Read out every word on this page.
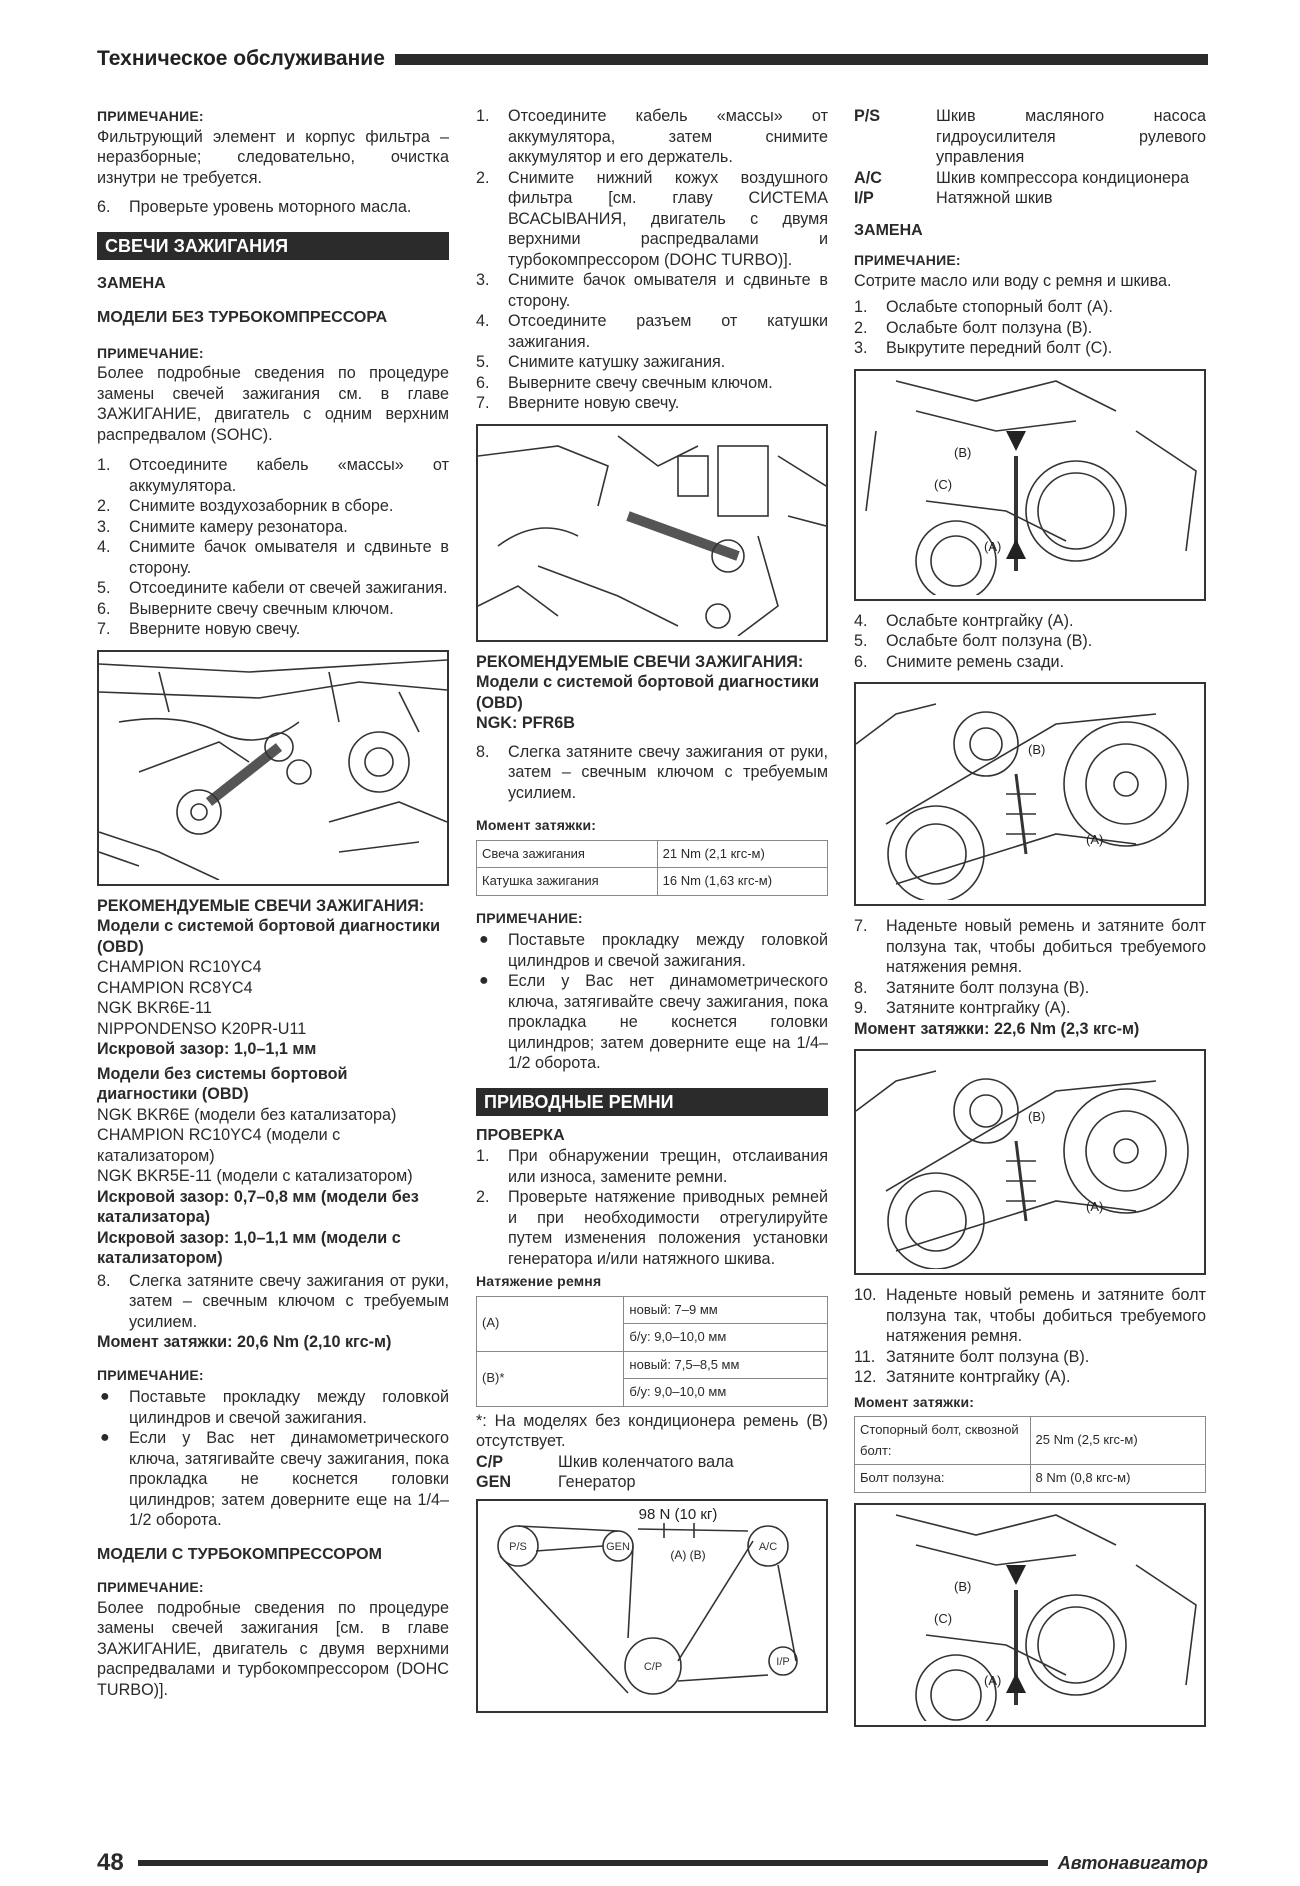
Техническое обслуживание
ПРИМЕЧАНИЕ:
Фильтрующий элемент и корпус фильтра – неразборные; следовательно, очистка изнутри не требуется.
6. Проверьте уровень моторного масла.
СВЕЧИ ЗАЖИГАНИЯ
ЗАМЕНА
МОДЕЛИ БЕЗ ТУРБОКОМПРЕССОРА
ПРИМЕЧАНИЕ:
Более подробные сведения по процедуре замены свечей зажигания см. в главе ЗАЖИГАНИЕ, двигатель с одним верхним распредвалом (SOHC).
1. Отсоедините кабель «массы» от аккумулятора.
2. Снимите воздухозаборник в сборе.
3. Снимите камеру резонатора.
4. Снимите бачок омывателя и сдвиньте в сторону.
5. Отсоедините кабели от свечей зажигания.
6. Выверните свечу свечным ключом.
7. Вверните новую свечу.
РЕКОМЕНДУЕМЫЕ СВЕЧИ ЗАЖИГАНИЯ:
Модели с системой бортовой диагностики (OBD)
CHAMPION RC10YC4
CHAMPION RC8YC4
NGK BKR6E-11
NIPPONDENSO K20PR-U11
Искровой зазор: 1,0–1,1 мм
Модели без системы бортовой диагностики (OBD)
NGK BKR6E (модели без катализатора)
CHAMPION RC10YC4 (модели с катализатором)
NGK BKR5E-11 (модели с катализатором)
Искровой зазор: 0,7–0,8 мм (модели без катализатора)
Искровой зазор: 1,0–1,1 мм (модели с катализатором)
8. Слегка затяните свечу зажигания от руки, затем – свечным ключом с требуемым усилием.
Момент затяжки: 20,6 Nm (2,10 кгс-м)
ПРИМЕЧАНИЕ:
● Поставьте прокладку между головкой цилиндров и свечой зажигания.
● Если у Вас нет динамометрического ключа, затягивайте свечу зажигания, пока прокладка не коснется головки цилиндров; затем доверните еще на 1/4–1/2 оборота.
МОДЕЛИ С ТУРБОКОМПРЕССОРОМ
ПРИМЕЧАНИЕ:
Более подробные сведения по процедуре замены свечей зажигания [см. в главе ЗАЖИГАНИЕ, двигатель с двумя верхними распредвалами и турбокомпрессором (DOHC TURBO)].
1. Отсоедините кабель «массы» от аккумулятора, затем снимите аккумулятор и его держатель.
2. Снимите нижний кожух воздушного фильтра [см. главу СИСТЕМА ВСАСЫВАНИЯ, двигатель с двумя верхними распредвалами и турбокомпрессором (DOHC TURBO)].
3. Снимите бачок омывателя и сдвиньте в сторону.
4. Отсоедините разъем от катушки зажигания.
5. Снимите катушку зажигания.
6. Выверните свечу свечным ключом.
7. Вверните новую свечу.
РЕКОМЕНДУЕМЫЕ СВЕЧИ ЗАЖИГАНИЯ:
Модели с системой бортовой диагностики (OBD)
NGK: PFR6B
8. Слегка затяните свечу зажигания от руки, затем – свечным ключом с требуемым усилием.
Момент затяжки:
Свеча зажигания	21 Nm (2,1 кгс-м)
Катушка зажигания	16 Nm (1,63 кгс-м)
ПРИМЕЧАНИЕ:
● Поставьте прокладку между головкой цилиндров и свечой зажигания.
● Если у Вас нет динамометрического ключа, затягивайте свечу зажигания, пока прокладка не коснется головки цилиндров; затем доверните еще на 1/4–1/2 оборота.
ПРИВОДНЫЕ РЕМНИ
ПРОВЕРКА
1. При обнаружении трещин, отслаивания или износа, замените ремни.
2. Проверьте натяжение приводных ремней и при необходимости отрегулируйте путем изменения положения установки генератора и/или натяжного шкива.
Натяжение ремня
(A)	новый: 7–9 мм
	б/у: 9,0–10,0 мм
(B)*	новый: 7,5–8,5 мм
	б/у: 9,0–10,0 мм
*: На моделях без кондиционера ремень (B) отсутствует.
C/P	Шкив коленчатого вала
GEN	Генератор
P/S	GEN	A/C
I/P
C/P
98 N (10 кг)
(A) (B)
P/S	Шкив масляного насоса гидроусилителя рулевого управления
A/C	Шкив компрессора кондиционера
I/P	Натяжной шкив
ЗАМЕНА
ПРИМЕЧАНИЕ:
Сотрите масло или воду с ремня и шкива.
1. Ослабьте стопорный болт (A).
2. Ослабьте болт ползуна (B).
3. Выкрутите передний болт (C).
(B)
(C)
(A)
4. Ослабьте контргайку (A).
5. Ослабьте болт ползуна (B).
6. Снимите ремень сзади.
(B)
(A)
7. Наденьте новый ремень и затяните болт ползуна так, чтобы добиться требуемого натяжения ремня.
8. Затяните болт ползуна (B).
9. Затяните контргайку (A).
Момент затяжки: 22,6 Nm (2,3 кгс-м)
(B)
(A)
10. Наденьте новый ремень и затяните болт ползуна так, чтобы добиться требуемого натяжения ремня.
11. Затяните болт ползуна (B).
12. Затяните контргайку (A).
Момент затяжки:
Стопорный болт, сквозной болт:	25 Nm (2,5 кгс-м)
Болт ползуна:	8 Nm (0,8 кгс-м)
(B)
(C)
(A)
48	Автонавигатор
